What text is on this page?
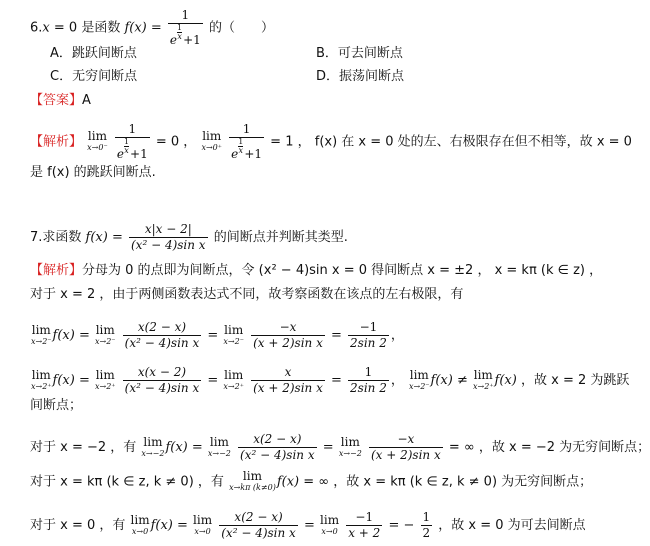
6.x = 0 是函数 $f(x) = \frac{1}{e \frac{1}{x} +1}$ 的（　　）
A．跳跃间断点	B．可去间断点
C．无穷间断点	D．振荡间断点
【答案】A
【解析】 lim
x→0⁻
$\frac{1}{e \frac{1}{x} +1} = 0$ ， lim
x→0⁺
$\frac{1}{e \frac{1}{x} +1} = 1$ ， f(x) 在 x = 0 处的左、右极限存在但不相等，故 x = 0
是 f(x) 的跳跃间断点.
7.求函数 $f(x) = \frac{x|x - 2|}{\text{(x² − 4)sin x}}$ 的间断点并判断其类型.
【解析】分母为 0 的点即为间断点，令 (x² − 4)sin x = 0 得间断点 x = ±2 ， x = kπ (k ∈ z) ，
对于 x = 2 ，由于两侧函数表达式不同，故考察函数在该点的左右极限，有
lim
x→2⁻ f(x) = lim
x→2⁻
$\frac{x(2 - x)}{\text{(x² − 4)sin x}} = \lim$
x→2⁻
$\frac{-x}{\text{(x + 2)sin x}} = \frac{-1}{2\sin 2}$ ，
lim
x→2⁺ f(x) = lim
x→2⁺
$\frac{x(x - 2)}{\text{(x² − 4)sin x}} = \lim$
x→2⁺
$\frac{x}{\text{(x + 2)sin x}} = \frac{1}{2\sin 2}$ ， lim
x→2⁻ f(x) ≠ lim
x→2⁺ f(x) ，故 x = 2 为跳跃
间断点；
对于 x = −2 ，有 lim
x→−2 f(x) = lim
x→−2
$\frac{x(2 - x)}{\text{(x² − 4)sin x}} = \lim$
x→−2
$\frac{-x}{\text{(x + 2)sin x}}$ = ∞ ，故 x = −2 为无穷间断点；
对于 x = kπ (k ∈ z, k ≠ 0) ，有	lim
x→kπ (k≠0) f(x) = ∞ ，故 x = kπ (k ∈ z, k ≠ 0) 为无穷间断点；
对于 x = 0 ，有 lim
x→0 f(x) = lim
x→0
$\frac{x(2 - x)}{\text{(x² − 4)sin x}} = \lim$
x→0
$\frac{-1}{x + 2}$ = − $\frac{1}{2}$ ，故 x = 0 为可去间断点
